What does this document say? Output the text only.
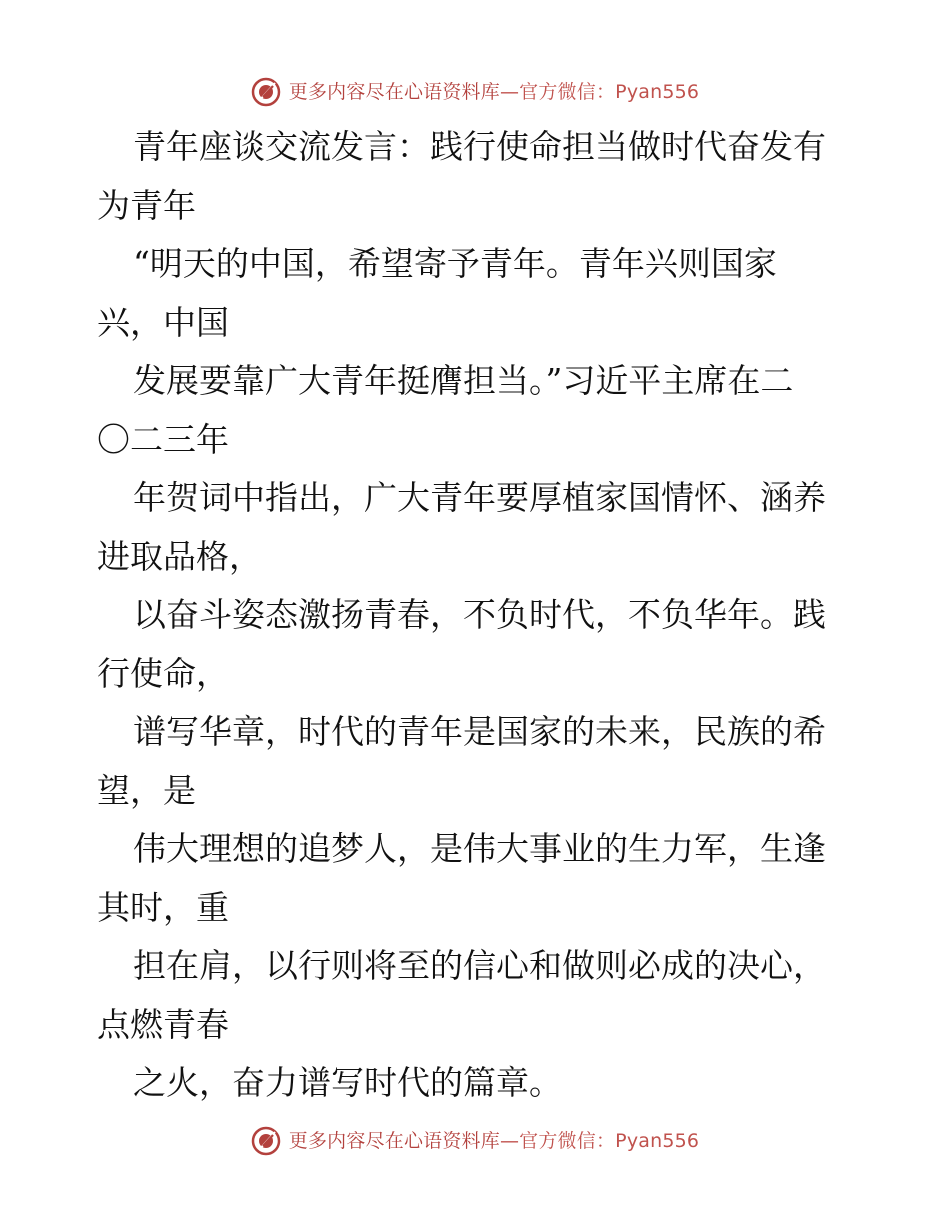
更多内容尽在心语资料库—官方微信：Pyan556
青年座谈交流发言：践行使命担当做时代奋发有
为青年
“明天的中国，希望寄予青年。青年兴则国家
兴，中国
发展要靠广大青年挺膺担当。”习近平主席在二
〇二三年
年贺词中指出，广大青年要厚植家国情怀、涵养
进取品格，
以奋斗姿态激扬青春，不负时代，不负华年。践
行使命，
谱写华章，时代的青年是国家的未来，民族的希
望，是
伟大理想的追梦人，是伟大事业的生力军，生逢
其时，重
担在肩，以行则将至的信心和做则必成的决心，
点燃青春
之火，奋力谱写时代的篇章。
更多内容尽在心语资料库—官方微信：Pyan556
